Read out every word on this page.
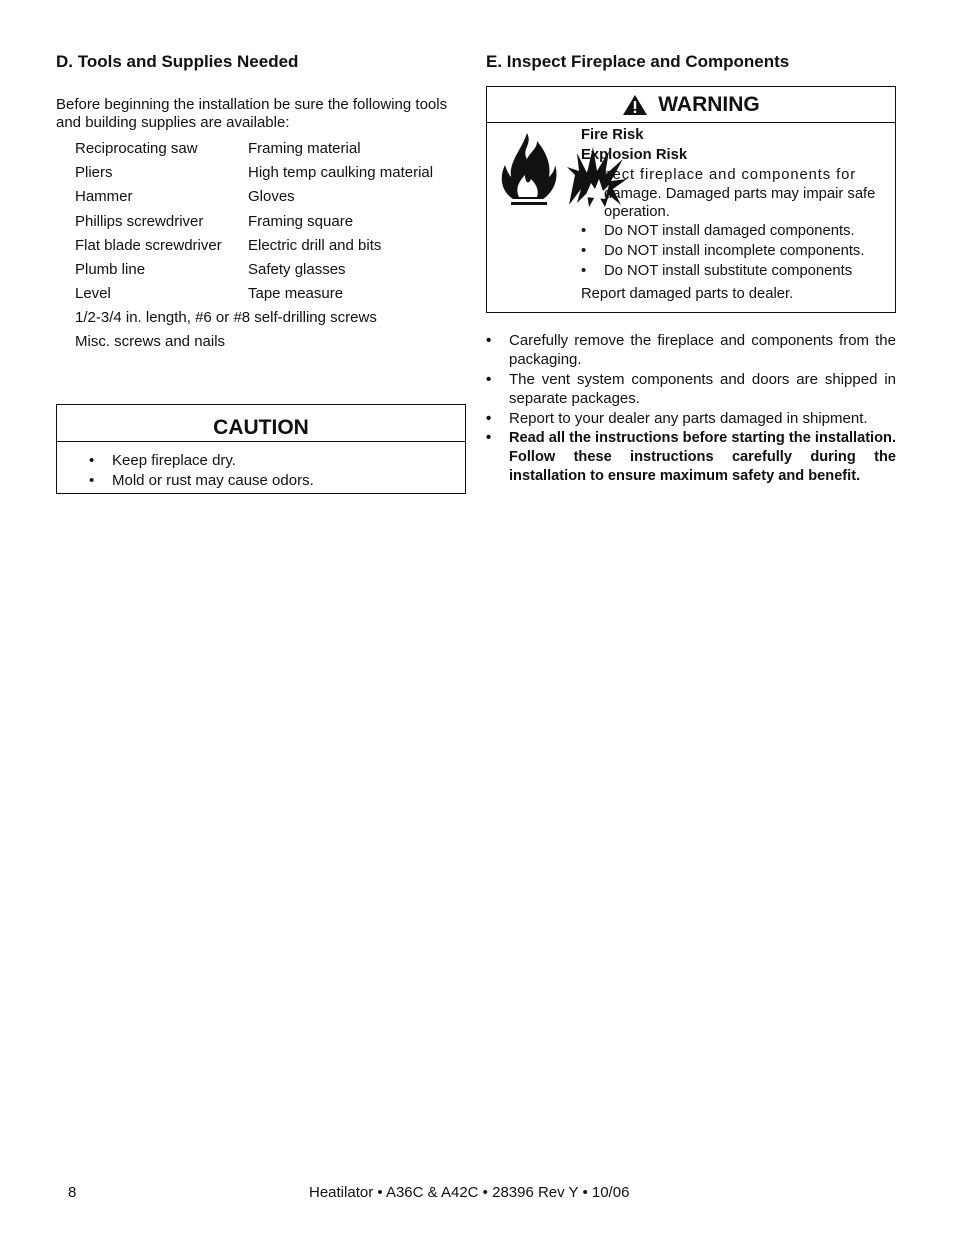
D. Tools and Supplies Needed

Before beginning the installation be sure the following tools and building supplies are available:

Reciprocating saw	Framing material
Pliers	High temp caulking material
Hammer	Gloves
Phillips screwdriver	Framing square
Flat blade screwdriver	Electric drill and bits
Plumb line	Safety glasses
Level	Tape measure
1/2-3/4 in. length, #6 or #8 self-drilling screws
Misc. screws and nails
CAUTION
• Keep fireplace dry.
• Mold or rust may cause odors.
E. Inspect Fireplace and Components
WARNING

Fire Risk
Explosion Risk
Inspect fireplace and components for
damage. Damaged parts may impair safe operation.
• Do NOT install damaged components.
• Do NOT install incomplete components.
• Do NOT install substitute components
Report damaged parts to dealer.
• Carefully remove the fireplace and components from the packaging.
• The vent system components and doors are shipped in separate packages.
• Report to your dealer any parts damaged in shipment.
• Read all the instructions before starting the installation. Follow these instructions carefully during the installation to ensure maximum safety and benefit.
8	Heatilator • A36C & A42C • 28396 Rev Y • 10/06
